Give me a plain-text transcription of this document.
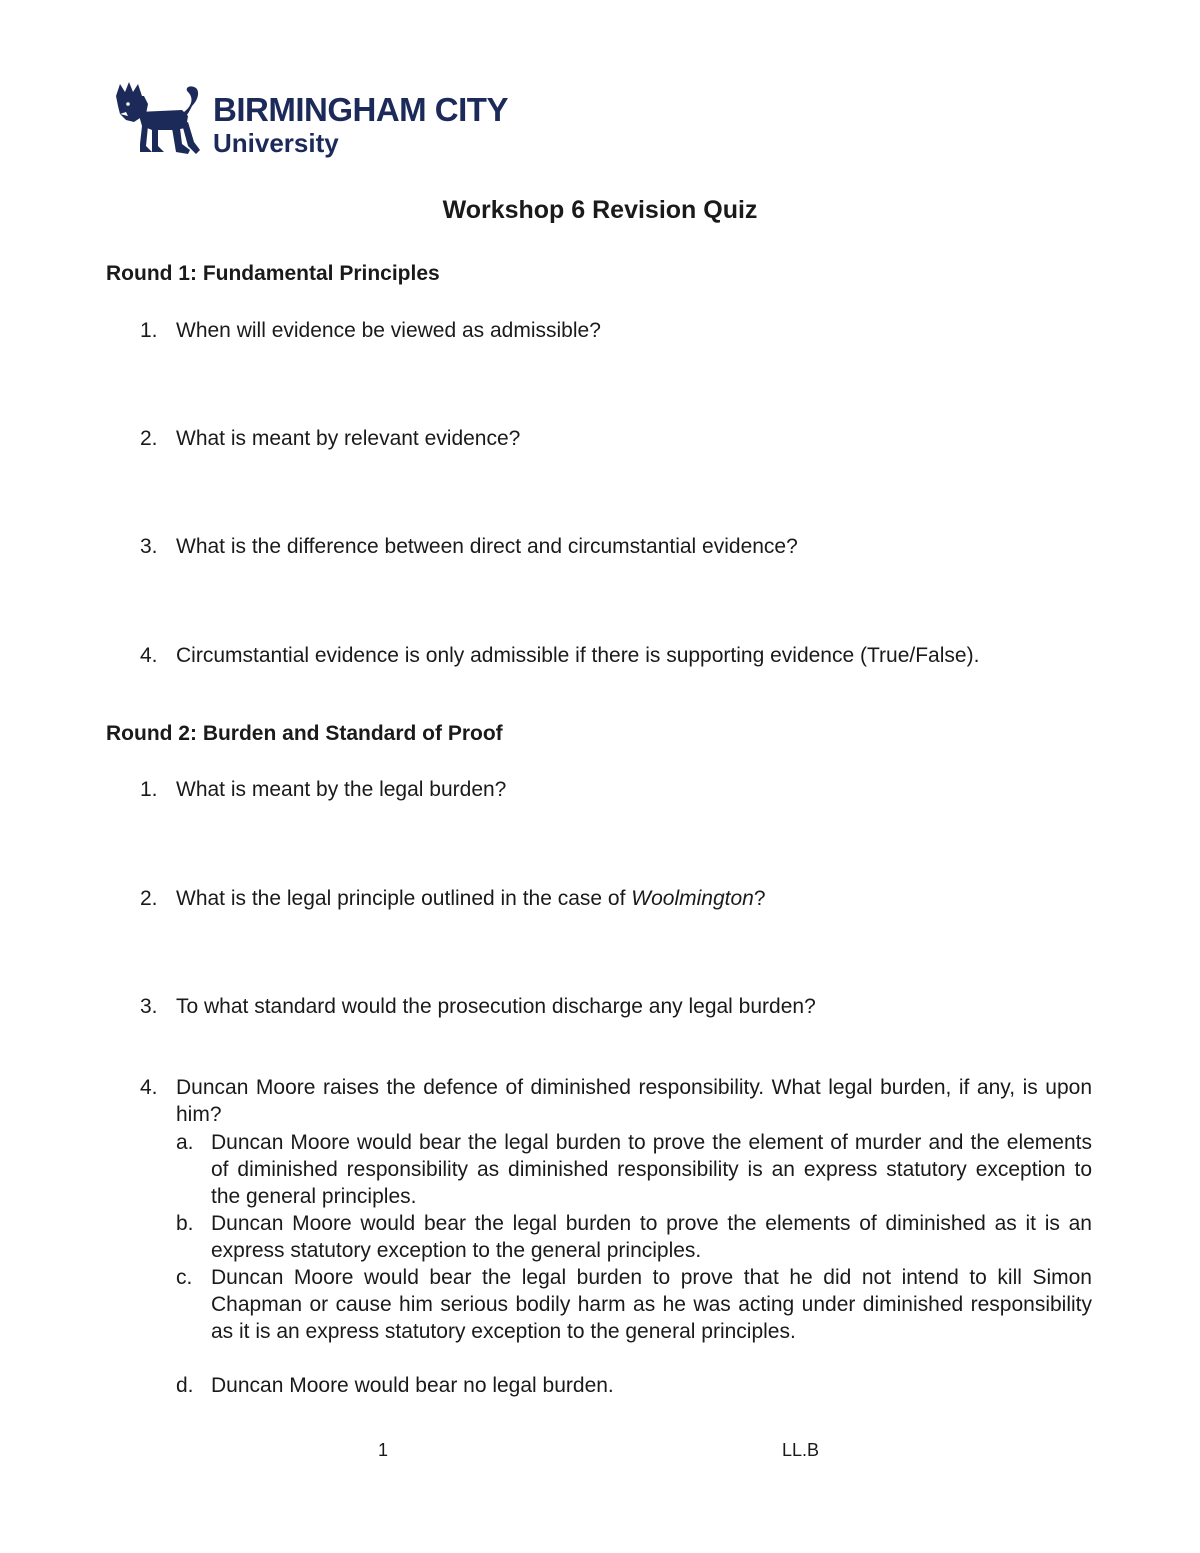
BIRMINGHAM CITY
University
Workshop 6 Revision Quiz
Round 1: Fundamental Principles
1. When will evidence be viewed as admissible?
2. What is meant by relevant evidence?
3. What is the difference between direct and circumstantial evidence?
4. Circumstantial evidence is only admissible if there is supporting evidence (True/False).
Round 2: Burden and Standard of Proof
1. What is meant by the legal burden?
2. What is the legal principle outlined in the case of Woolmington?
3. To what standard would the prosecution discharge any legal burden?
4. Duncan Moore raises the defence of diminished responsibility. What legal burden, if any, is upon him?
a. Duncan Moore would bear the legal burden to prove the element of murder and the elements of diminished responsibility as diminished responsibility is an express statutory exception to the general principles.
b. Duncan Moore would bear the legal burden to prove the elements of diminished as it is an express statutory exception to the general principles.
c. Duncan Moore would bear the legal burden to prove that he did not intend to kill Simon Chapman or cause him serious bodily harm as he was acting under diminished responsibility as it is an express statutory exception to the general principles.
d. Duncan Moore would bear no legal burden.
1	LL.B
